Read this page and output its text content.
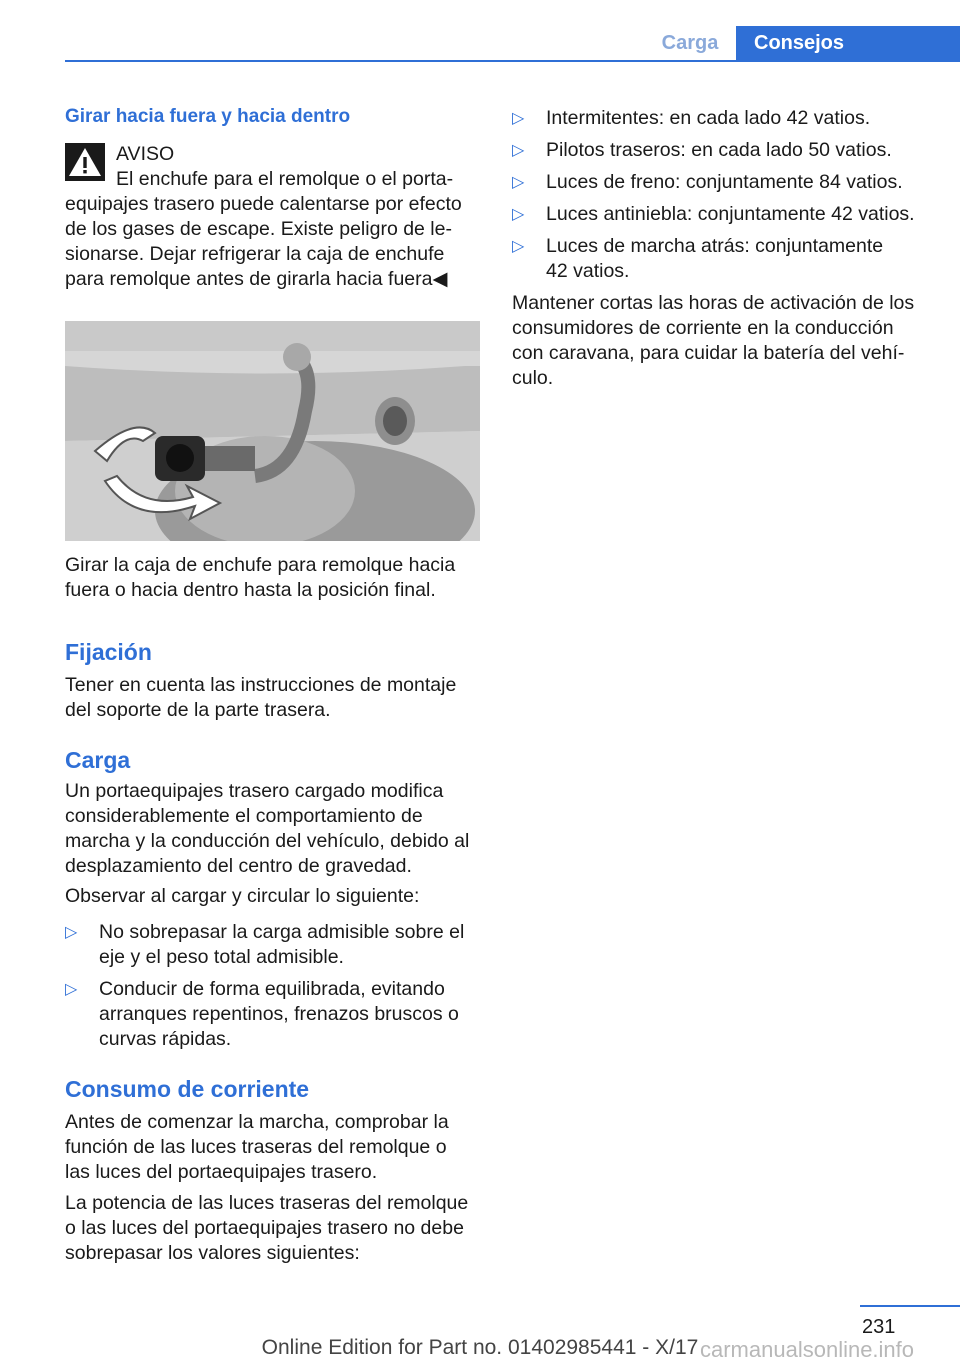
Carga	Consejos
Girar hacia fuera y hacia dentro
AVISO
El enchufe para el remolque o el porta‐
equipajes trasero puede calentarse por efecto
de los gases de escape. Existe peligro de le‐
sionarse. Dejar refrigerar la caja de enchufe
para remolque antes de girarla hacia fuera◀
Girar la caja de enchufe para remolque hacia
fuera o hacia dentro hasta la posición final.
Fijación
Tener en cuenta las instrucciones de montaje
del soporte de la parte trasera.
Carga
Un portaequipajes trasero cargado modifica
considerablemente el comportamiento de
marcha y la conducción del vehículo, debido al
desplazamiento del centro de gravedad.
Observar al cargar y circular lo siguiente:
▷ No sobrepasar la carga admisible sobre el
eje y el peso total admisible.
▷ Conducir de forma equilibrada, evitando
arranques repentinos, frenazos bruscos o
curvas rápidas.
Consumo de corriente
Antes de comenzar la marcha, comprobar la
función de las luces traseras del remolque o
las luces del portaequipajes trasero.
La potencia de las luces traseras del remolque
o las luces del portaequipajes trasero no debe
sobrepasar los valores siguientes:
▷ Intermitentes: en cada lado 42 vatios.
▷ Pilotos traseros: en cada lado 50 vatios.
▷ Luces de freno: conjuntamente 84 vatios.
▷ Luces antiniebla: conjuntamente 42 vatios.
▷ Luces de marcha atrás: conjuntamente
42 vatios.
Mantener cortas las horas de activación de los
consumidores de corriente en la conducción
con caravana, para cuidar la batería del vehí‐
culo.
231
Online Edition for Part no. 01402985441 - X/17 carmanualsonline.info
